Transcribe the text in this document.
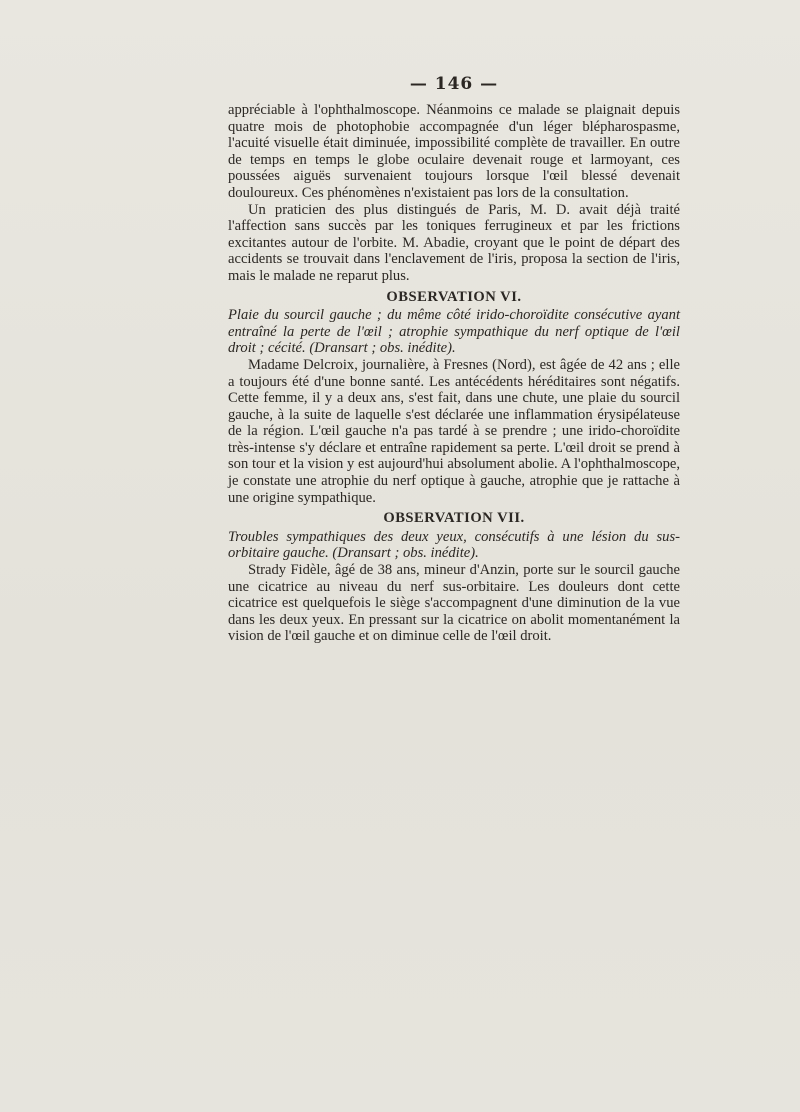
— 146 —

appréciable à l'ophthalmoscope. Néanmoins ce malade se plaignait depuis quatre mois de photophobie accompagnée d'un léger blépharospasme, l'acuité visuelle était diminuée, impossibilité complète de travailler. En outre de temps en temps le globe oculaire devenait rouge et larmoyant, ces poussées aiguës survenaient toujours lorsque l'œil blessé devenait douloureux. Ces phénomènes n'existaient pas lors de la consultation.

Un praticien des plus distingués de Paris, M. D. avait déjà traité l'affection sans succès par les toniques ferrugineux et par les frictions excitantes autour de l'orbite. M. Abadie, croyant que le point de départ des accidents se trouvait dans l'enclavement de l'iris, proposa la section de l'iris, mais le malade ne reparut plus.

OBSERVATION VI.

Plaie du sourcil gauche ; du même côté irido-choroïdite consécutive ayant entraîné la perte de l'œil ; atrophie sympathique du nerf optique de l'œil droit ; cécité. (Dransart ; obs. inédite).

Madame Delcroix, journalière, à Fresnes (Nord), est âgée de 42 ans ; elle a toujours été d'une bonne santé. Les antécédents héréditaires sont négatifs. Cette femme, il y a deux ans, s'est fait, dans une chute, une plaie du sourcil gauche, à la suite de laquelle s'est déclarée une inflammation érysipélateuse de la région. L'œil gauche n'a pas tardé à se prendre ; une irido-choroïdite très-intense s'y déclare et entraîne rapidement sa perte. L'œil droit se prend à son tour et la vision y est aujourd'hui absolument abolie. A l'ophthalmoscope, je constate une atrophie du nerf optique à gauche, atrophie que je rattache à une origine sympathique.

OBSERVATION VII.

Troubles sympathiques des deux yeux, consécutifs à une lésion du sus-orbitaire gauche. (Dransart ; obs. inédite).

Strady Fidèle, âgé de 38 ans, mineur d'Anzin, porte sur le sourcil gauche une cicatrice au niveau du nerf sus-orbitaire. Les douleurs dont cette cicatrice est quelquefois le siège s'accompagnent d'une diminution de la vue dans les deux yeux. En pressant sur la cicatrice on abolit momentanément la vision de l'œil gauche et on diminue celle de l'œil droit.
